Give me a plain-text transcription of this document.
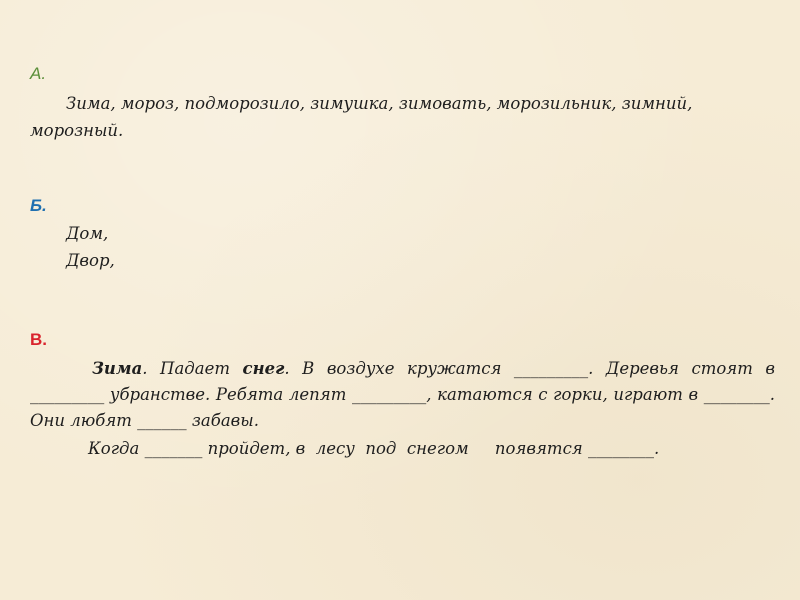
А.

Зима, мороз, подморозило, зимушка, зимовать, морозильник, зимний, морозный.

Б.

Дом,

Двор,

В.

Зима. Падает снег. В воздухе кружатся _________. Деревья стоят в _________ убранстве. Ребята лепят _________, катаются с горки, играют в ________. Они любят ______ забавы.

Когда _______ пройдет, в  лесу  под  снегом     появятся ________.
